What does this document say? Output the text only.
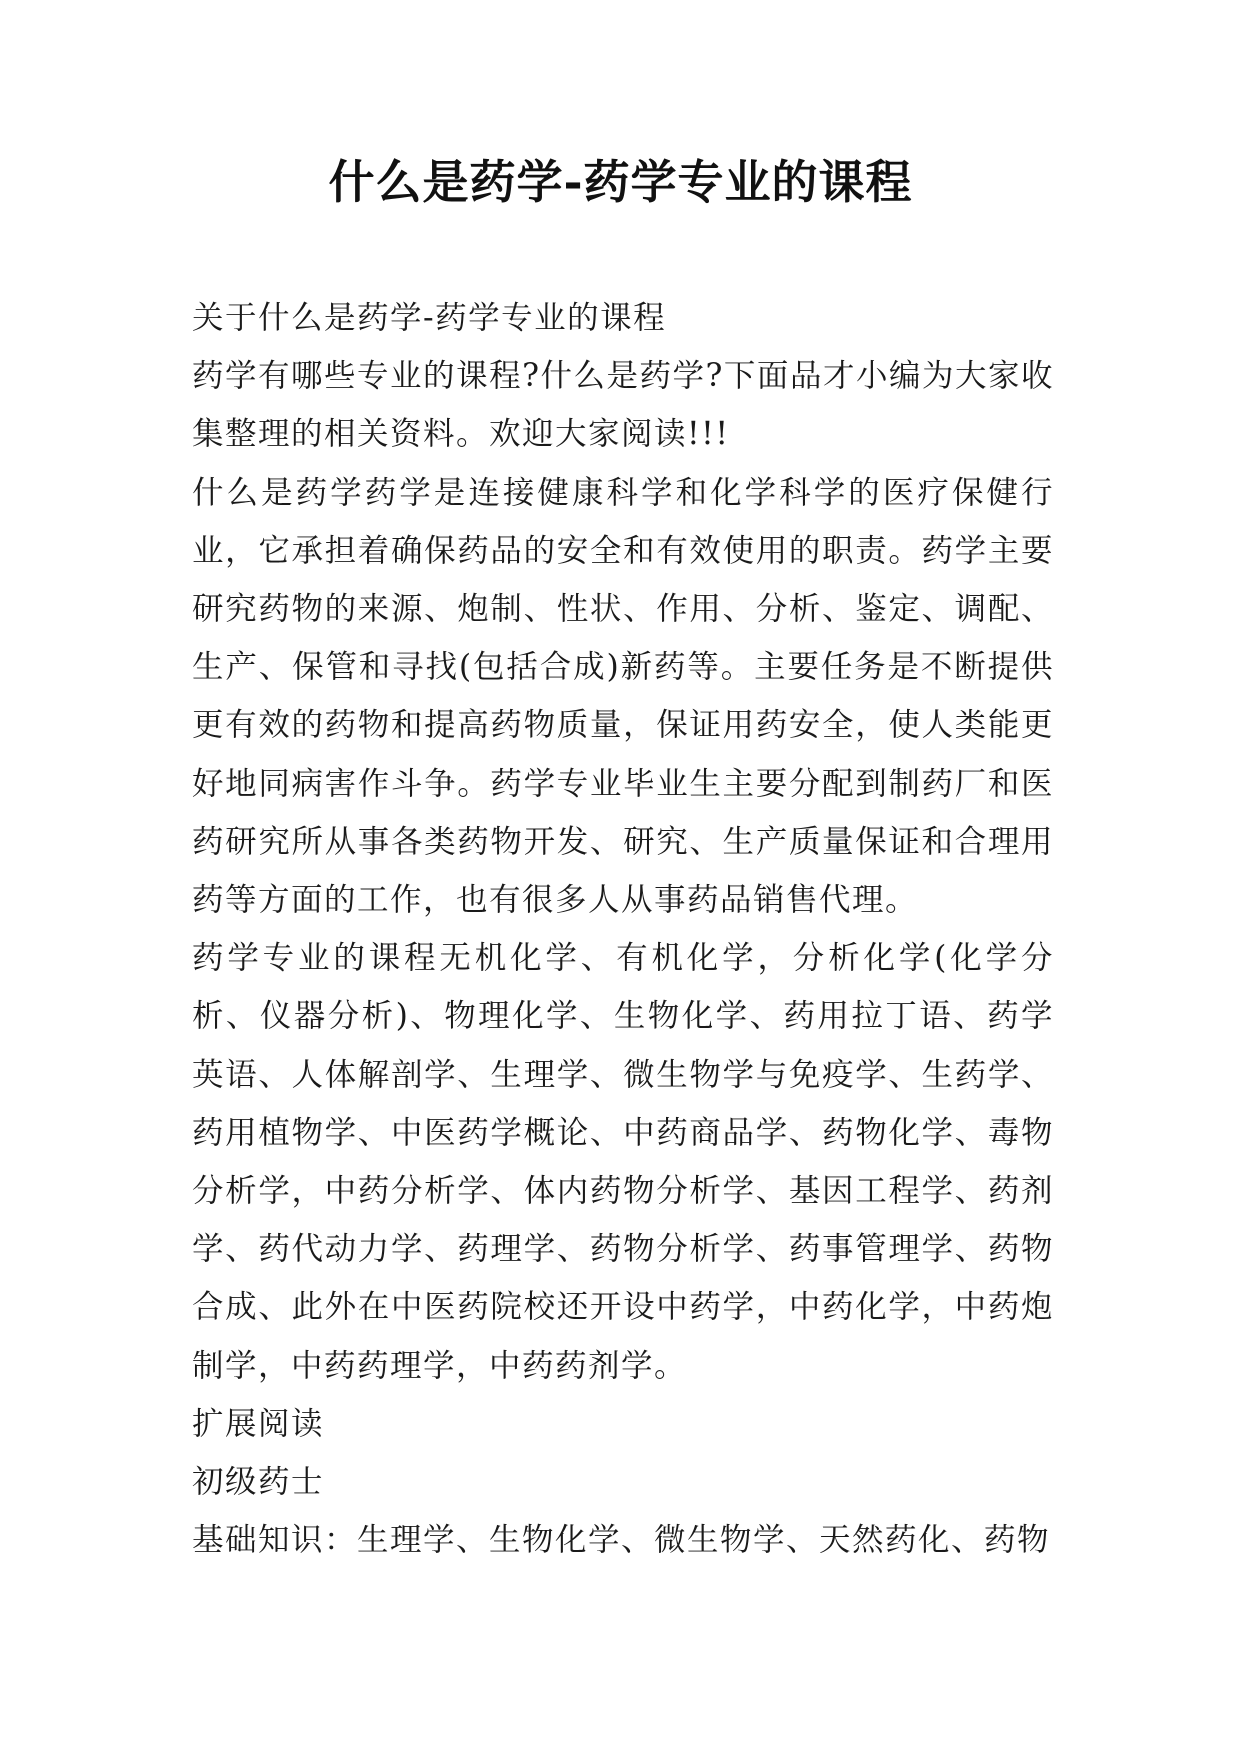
什么是药学-药学专业的课程

关于什么是药学-药学专业的课程

药学有哪些专业的课程?什么是药学?下面品才小编为大家收集整理的相关资料。欢迎大家阅读!!!

什么是药学药学是连接健康科学和化学科学的医疗保健行业，它承担着确保药品的安全和有效使用的职责。药学主要研究药物的来源、炮制、性状、作用、分析、鉴定、调配、生产、保管和寻找(包括合成)新药等。主要任务是不断提供更有效的药物和提高药物质量，保证用药安全，使人类能更好地同病害作斗争。药学专业毕业生主要分配到制药厂和医药研究所从事各类药物开发、研究、生产质量保证和合理用药等方面的工作，也有很多人从事药品销售代理。

药学专业的课程无机化学、有机化学，分析化学(化学分析、仪器分析)、物理化学、生物化学、药用拉丁语、药学英语、人体解剖学、生理学、微生物学与免疫学、生药学、药用植物学、中医药学概论、中药商品学、药物化学、毒物分析学，中药分析学、体内药物分析学、基因工程学、药剂学、药代动力学、药理学、药物分析学、药事管理学、药物合成、此外在中医药院校还开设中药学，中药化学，中药炮制学，中药药理学，中药药剂学。

扩展阅读

初级药士

基础知识：生理学、生物化学、微生物学、天然药化、药物
